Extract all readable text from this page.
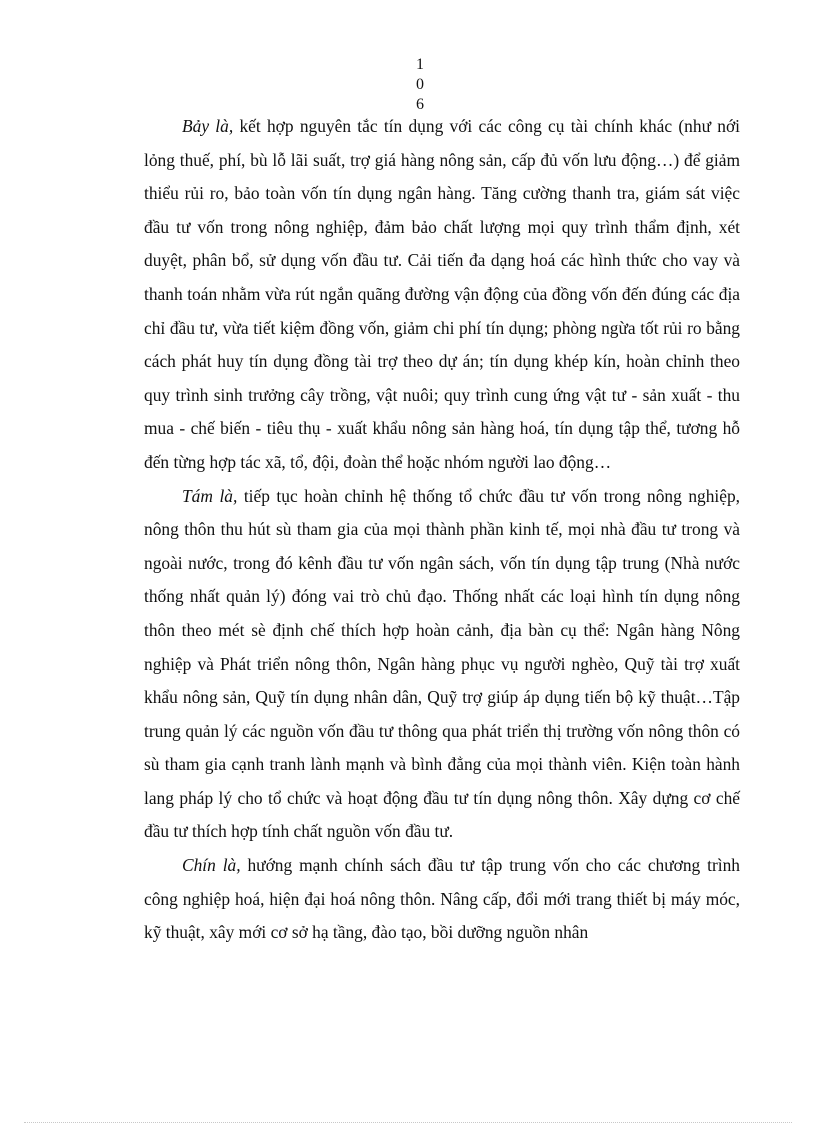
1
0
6

Bảy là, kết hợp nguyên tắc tín dụng với các công cụ tài chính khác (như nới lỏng thuế, phí, bù lỗ lãi suất, trợ giá hàng nông sản, cấp đủ vốn lưu động…) để giảm thiểu rủi ro, bảo toàn vốn tín dụng ngân hàng. Tăng cường thanh tra, giám sát việc đầu tư vốn trong nông nghiệp, đảm bảo chất lượng mọi quy trình thẩm định, xét duyệt, phân bổ, sử dụng vốn đầu tư. Cải tiến đa dạng hoá các hình thức cho vay và thanh toán nhằm vừa rút ngắn quãng đường vận động của đồng vốn đến đúng các địa chỉ đầu tư, vừa tiết kiệm đồng vốn, giảm chi phí tín dụng; phòng ngừa tốt rủi ro bằng cách phát huy tín dụng đồng tài trợ theo dự án; tín dụng khép kín, hoàn chỉnh theo quy trình sinh trưởng cây trồng, vật nuôi; quy trình cung ứng vật tư - sản xuất - thu mua - chế biến - tiêu thụ - xuất khẩu nông sản hàng hoá, tín dụng tập thể, tương hỗ đến từng hợp tác xã, tổ, đội, đoàn thể hoặc nhóm người lao động…

Tám là, tiếp tục hoàn chỉnh hệ thống tổ chức đầu tư vốn trong nông nghiệp, nông thôn thu hút sù tham gia của mọi thành phần kinh tế, mọi nhà đầu tư trong và ngoài nước, trong đó kênh đầu tư vốn ngân sách, vốn tín dụng tập trung (Nhà nước thống nhất quản lý) đóng vai trò chủ đạo. Thống nhất các loại hình tín dụng nông thôn theo mét sè định chế thích hợp hoàn cảnh, địa bàn cụ thể: Ngân hàng Nông nghiệp và Phát triển nông thôn, Ngân hàng phục vụ người nghèo, Quỹ tài trợ xuất khẩu nông sản, Quỹ tín dụng nhân dân, Quỹ trợ giúp áp dụng tiến bộ kỹ thuật…Tập trung quản lý các nguồn vốn đầu tư thông qua phát triển thị trường vốn nông thôn có sù tham gia cạnh tranh lành mạnh và bình đẳng của mọi thành viên. Kiện toàn hành lang pháp lý cho tổ chức và hoạt động đầu tư tín dụng nông thôn. Xây dựng cơ chế đầu tư thích hợp tính chất nguồn vốn đầu tư.

Chín là, hướng mạnh chính sách đầu tư tập trung vốn cho các chương trình công nghiệp hoá, hiện đại hoá nông thôn. Nâng cấp, đổi mới trang thiết bị máy móc, kỹ thuật, xây mới cơ sở hạ tầng, đào tạo, bồi dưỡng nguồn nhân
